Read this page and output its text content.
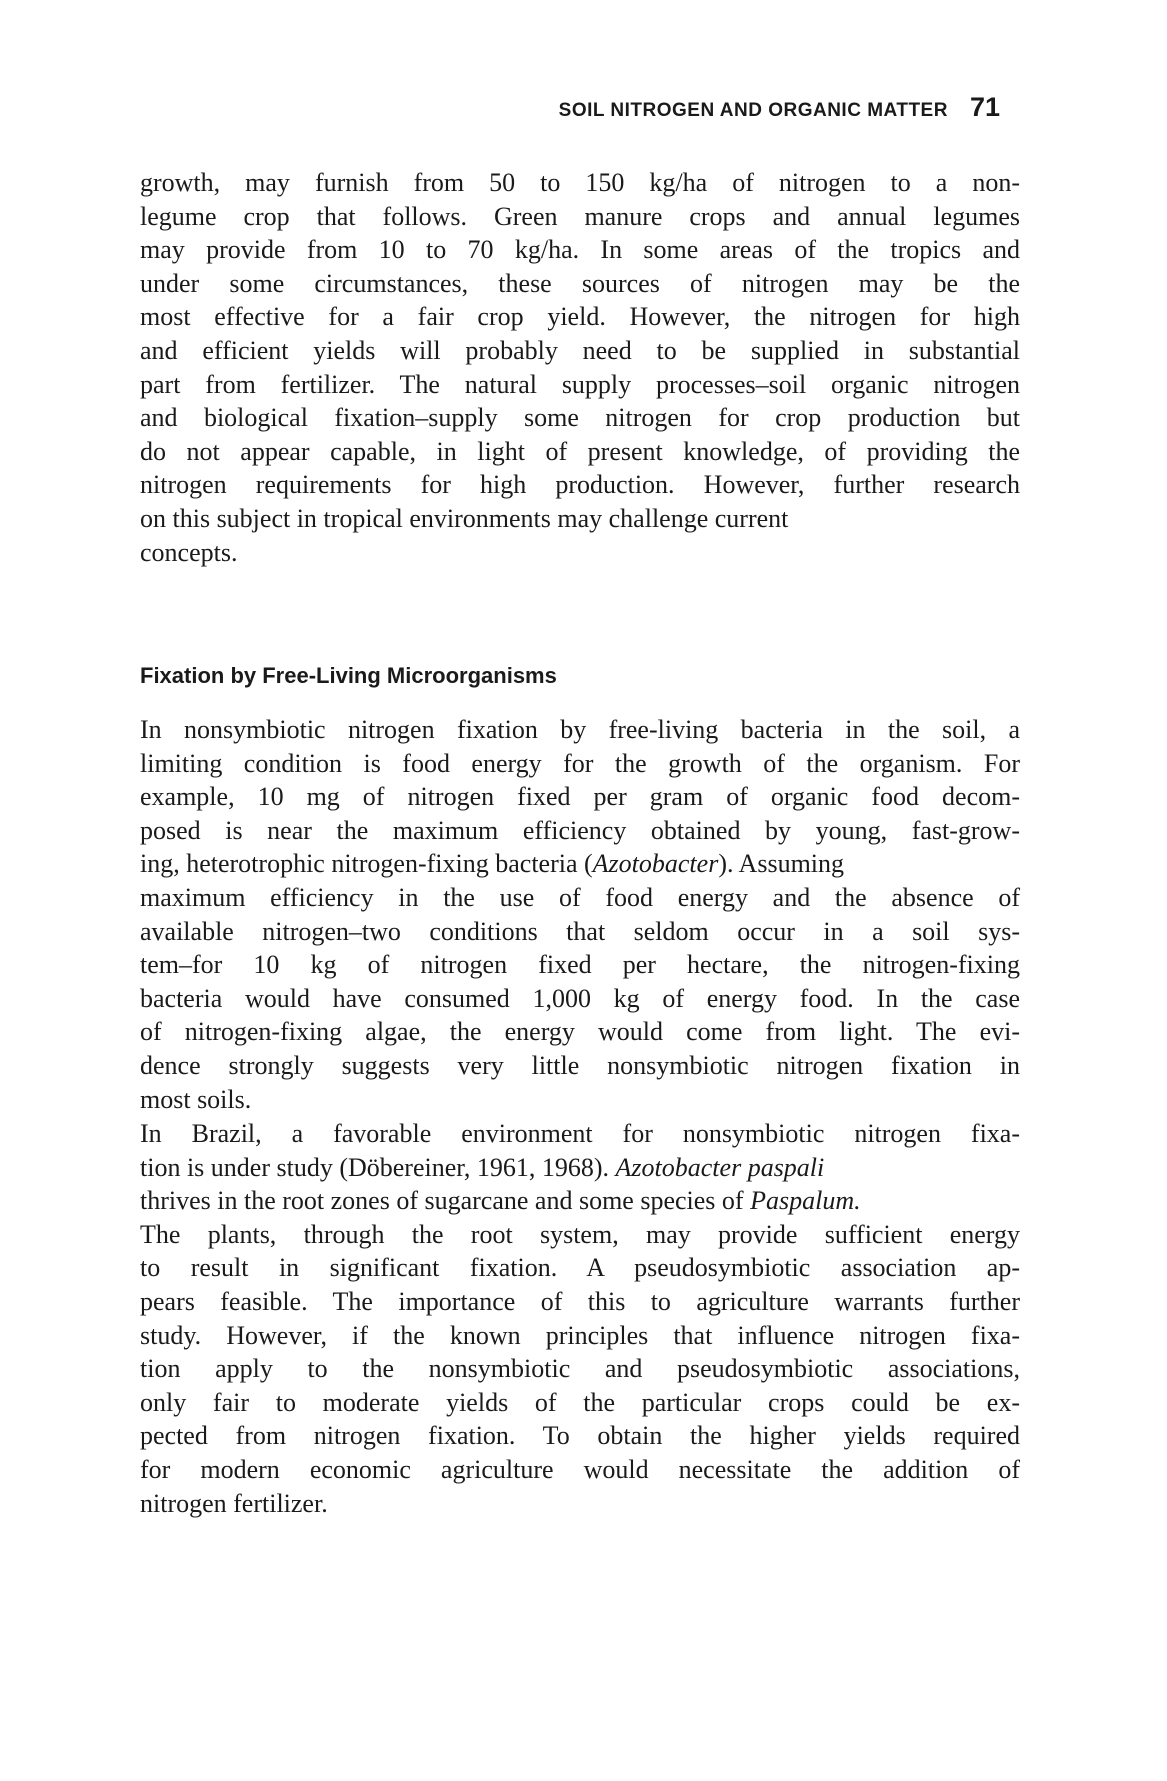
SOIL NITROGEN AND ORGANIC MATTER 71
growth, may furnish from 50 to 150 kg/ha of nitrogen to a non-
legume crop that follows. Green manure crops and annual legumes
may provide from 10 to 70 kg/ha. In some areas of the tropics and
under some circumstances, these sources of nitrogen may be the
most effective for a fair crop yield. However, the nitrogen for high
and efficient yields will probably need to be supplied in substantial
part from fertilizer. The natural supply processes–soil organic nitrogen
and biological fixation–supply some nitrogen for crop production but
do not appear capable, in light of present knowledge, of providing the
nitrogen requirements for high production. However, further research
on this subject in tropical environments may challenge current
concepts.
Fixation by Free-Living Microorganisms
In nonsymbiotic nitrogen fixation by free-living bacteria in the soil, a
limiting condition is food energy for the growth of the organism. For
example, 10 mg of nitrogen fixed per gram of organic food decom-
posed is near the maximum efficiency obtained by young, fast-grow-
ing, heterotrophic nitrogen-fixing bacteria (Azotobacter). Assuming
maximum efficiency in the use of food energy and the absence of
available nitrogen–two conditions that seldom occur in a soil sys-
tem–for 10 kg of nitrogen fixed per hectare, the nitrogen-fixing
bacteria would have consumed 1,000 kg of energy food. In the case
of nitrogen-fixing algae, the energy would come from light. The evi-
dence strongly suggests very little nonsymbiotic nitrogen fixation in
most soils.
In Brazil, a favorable environment for nonsymbiotic nitrogen fixa-
tion is under study (Döbereiner, 1961, 1968). Azotobacter paspali
thrives in the root zones of sugarcane and some species of Paspalum.
The plants, through the root system, may provide sufficient energy
to result in significant fixation. A pseudosymbiotic association ap-
pears feasible. The importance of this to agriculture warrants further
study. However, if the known principles that influence nitrogen fixa-
tion apply to the nonsymbiotic and pseudosymbiotic associations,
only fair to moderate yields of the particular crops could be ex-
pected from nitrogen fixation. To obtain the higher yields required
for modern economic agriculture would necessitate the addition of
nitrogen fertilizer.
